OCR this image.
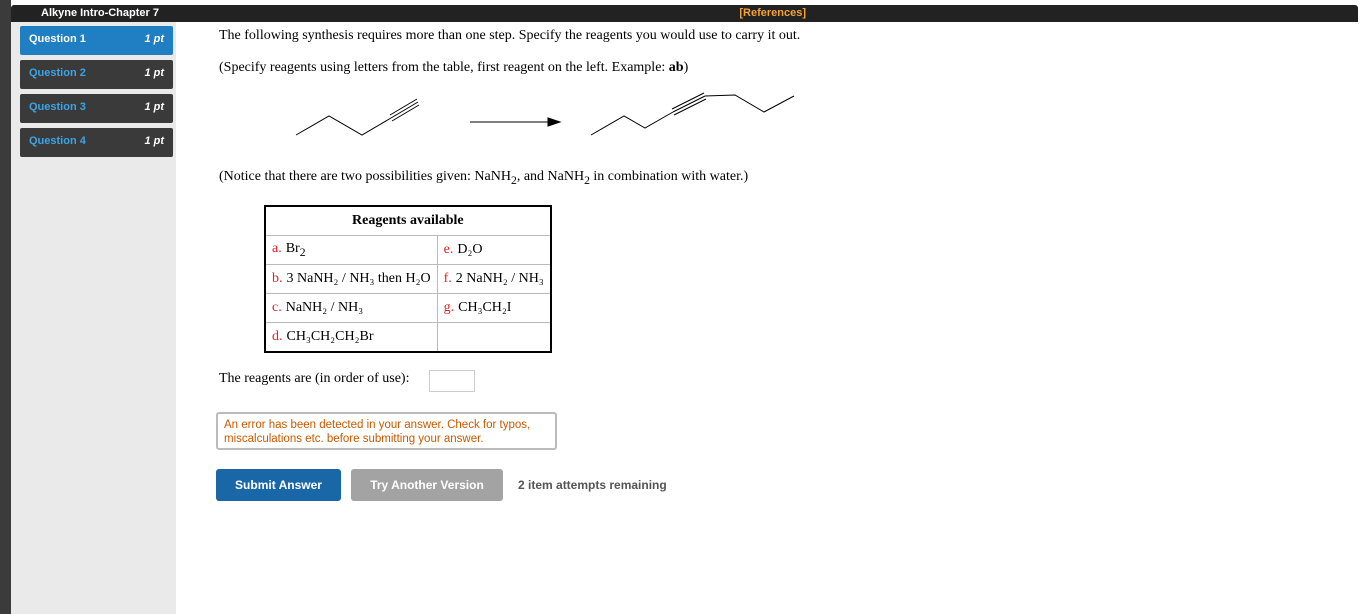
Alkyne Intro-Chapter 7	[References]
Question 1	1 pt
Question 2	1 pt
Question 3	1 pt
Question 4	1 pt
The following synthesis requires more than one step. Specify the reagents you would use to carry it out.
(Specify reagents using letters from the table, first reagent on the left. Example: ab)
(Notice that there are two possibilities given: NaNH$_2$, and NaNH$_2$ in combination with water.)
Reagents available	
a. $Br_2$	e. D₂O
b. 3 NaNH₂ / NH₃ then H₂O	f. 2 NaNH₂ / NH₃
c. NaNH₂ / NH₃	g. CH₃CH₂I
d. CH₃CH₂CH₂Br	
The reagents are (in order of use):
An error has been detected in your answer. Check for typos, miscalculations etc. before submitting your answer.
Submit Answer	Try Another Version	2 item attempts remaining
